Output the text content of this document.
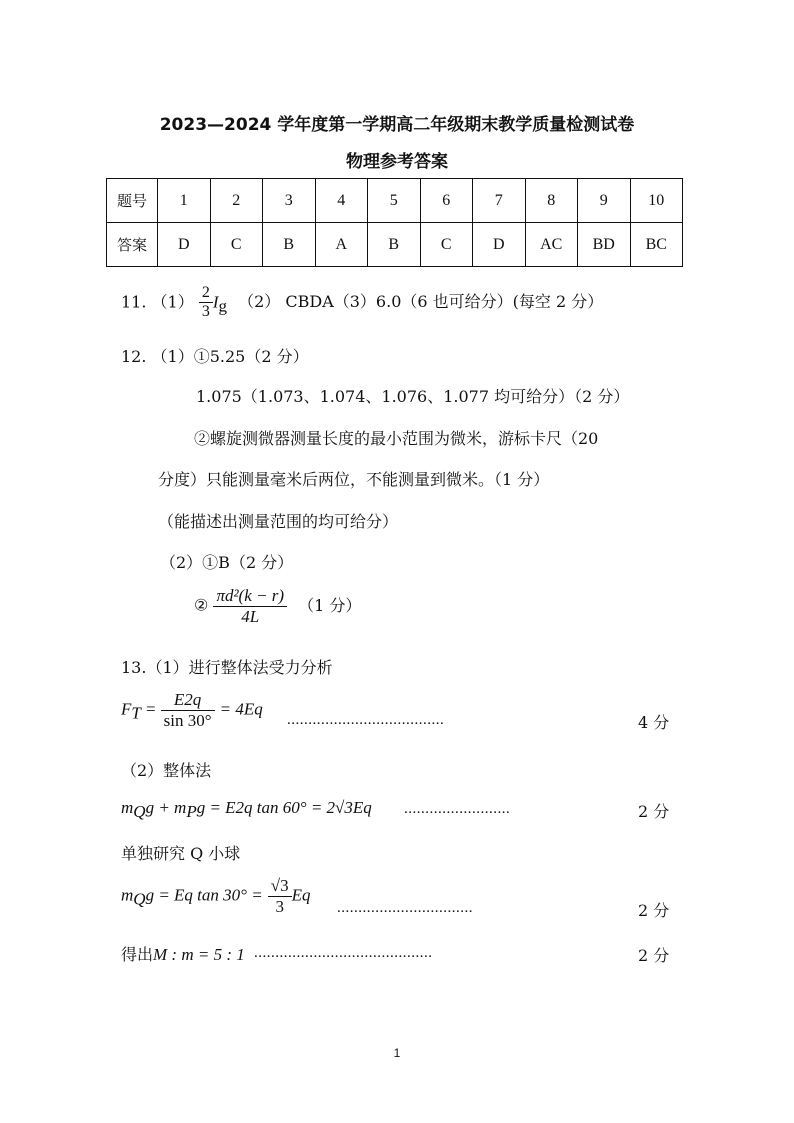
2023—2024 学年度第一学期高二年级期末教学质量检测试卷
物理参考答案
题号	1	2	3	4	5	6	7	8	9	10
答案	D	C	B	A	B	C	D	AC	BD	BC
11. $(1) \frac{2}{3} I_g$ （2） CBDA（3）6.0（6 也可给分）(每空 2 分）
12. （1）①5.25（2 分）
1.075（1.073、1.074、1.076、1.077 均可给分）（2 分）
②螺旋测微器测量长度的最小范围为微米，游标卡尺（20
分度）只能测量毫米后两位，不能测量到微米。（1 分）
（能描述出测量范围的均可给分）
（2）①B（2 分）
② $\frac{\text{πd²(k − r)}}{4L} (1$ 分）
13.（1）进行整体法受力分析
$F_T = \frac{E2q}{\sin 30^\circ} = 4Eq$
.....................................	4 分
（2）整体法
$m_Qg + m_Pg = E2q$ tan 60° = 2√3Eq .........................	2 分
单独研究 Q 小球
$m_Qg = Eq$ $\tan 30^\circ = \frac{√3}{3}$ Eq
................................	2 分
得出M : m = 5 : 1 ..........................................	2 分
1
